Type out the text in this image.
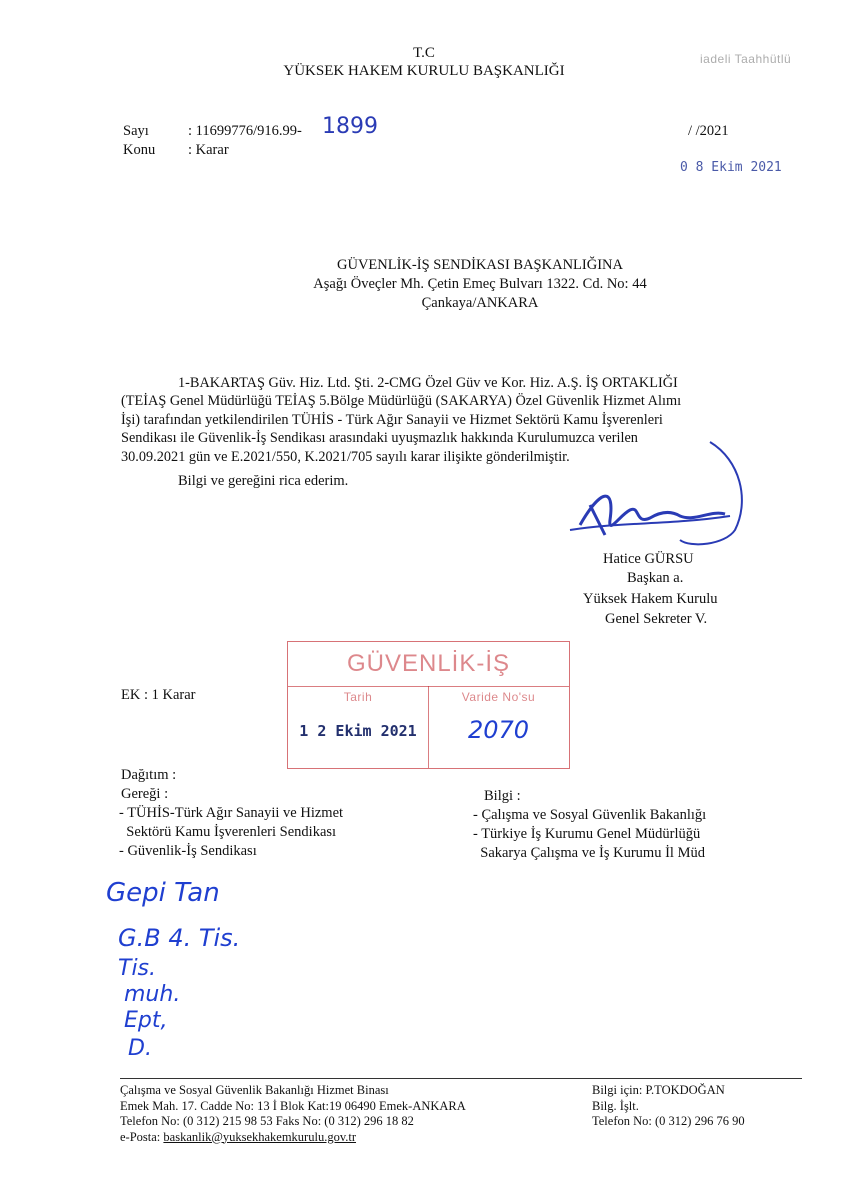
T.C
YÜKSEK HAKEM KURULU BAŞKANLIĞI
iadeli Taahhütlü
Sayı	: 11699776/916.99- 1899
Konu : Karar
/ /2021
0 8 Ekim 2021
GÜVENLİK-İŞ SENDİKASI BAŞKANLIĞINA
Aşağı Öveçler Mh. Çetin Emeç Bulvarı 1322. Cd. No: 44
Çankaya/ANKARA
1-BAKARTAŞ Güv. Hiz. Ltd. Şti. 2-CMG Özel Güv ve Kor. Hiz. A.Ş. İŞ ORTAKLIĞI
(TEİAŞ Genel Müdürlüğü TEİAŞ 5.Bölge Müdürlüğü (SAKARYA) Özel Güvenlik Hizmet Alımı
İşi) tarafından yetkilendirilen TÜHİS - Türk Ağır Sanayii ve Hizmet Sektörü Kamu İşverenleri
Sendikası ile Güvenlik-İş Sendikası arasındaki uyuşmazlık hakkında Kurulumuzca verilen
30.09.2021 gün ve E.2021/550, K.2021/705 sayılı karar ilişikte gönderilmiştir.
Bilgi ve gereğini rica ederim.
Hatice GÜRSU
Başkan a.
Yüksek Hakem Kurulu
Genel Sekreter V.
GÜVENLİK-İŞ
Tarih	Varide No'su
1 2 Ekim 2021	2070
EK : 1 Karar
Dağıtım :
Gereği :
- TÜHİS-Türk Ağır Sanayii ve Hizmet
Sektörü Kamu İşverenleri Sendikası
- Güvenlik-İş Sendikası
Bilgi :
- Çalışma ve Sosyal Güvenlik Bakanlığı
- Türkiye İş Kurumu Genel Müdürlüğü
Sakarya Çalışma ve İş Kurumu İl Müd
Gepi Tan
G.B 4. Tis.
Tis.
muh.
Ept,
D.
Çalışma ve Sosyal Güvenlik Bakanlığı Hizmet Binası
Emek Mah. 17. Cadde No: 13 İ Blok Kat:19 06490 Emek-ANKARA
Telefon No: (0 312) 215 98 53 Faks No: (0 312) 296 18 82
e-Posta: baskanlik@yuksekhakemkurulu.gov.tr
Bilgi için: P.TOKDOĞAN
Bilg. İşlt.
Telefon No: (0 312) 296 76 90
